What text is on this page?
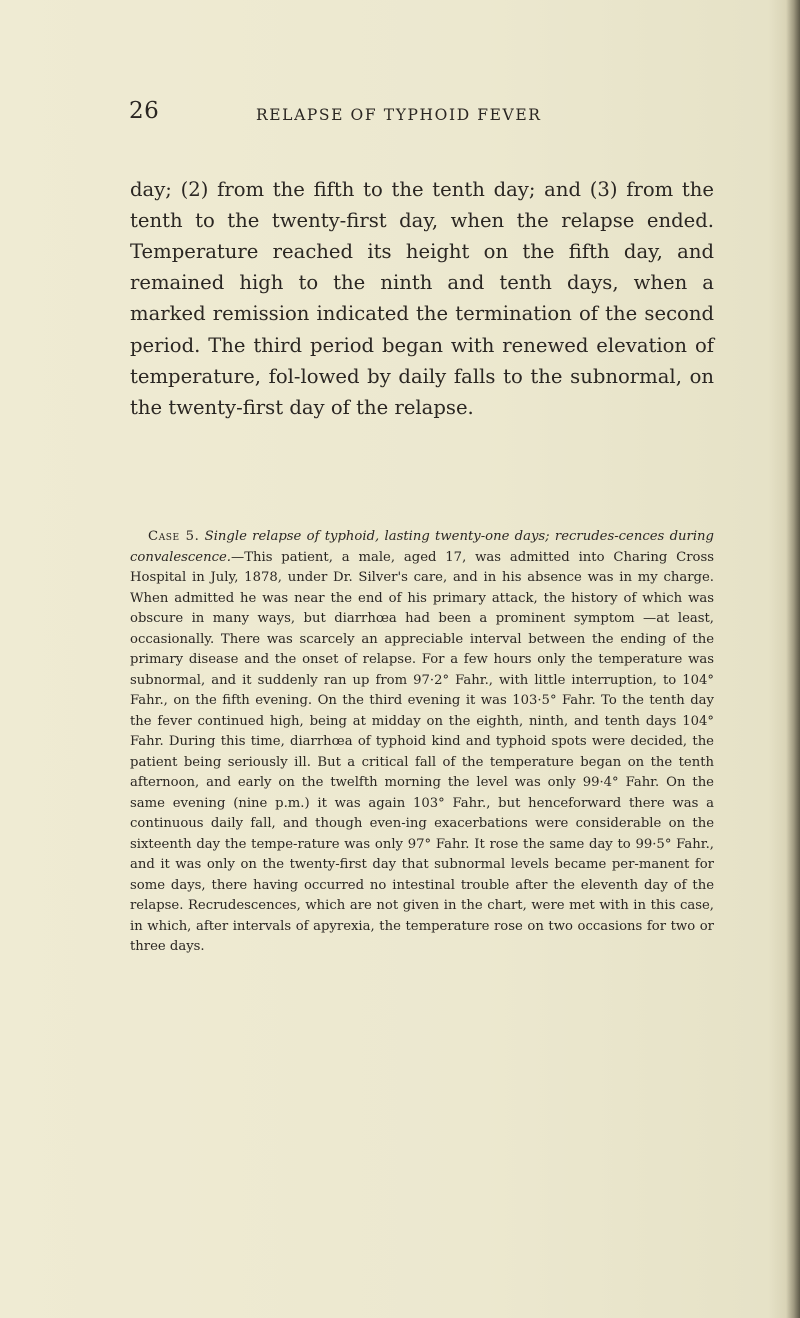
26	RELAPSE OF TYPHOID FEVER

day; (2) from the fifth to the tenth day; and (3) from the tenth to the twenty-first day, when the relapse ended. Temperature reached its height on the fifth day, and remained high to the ninth and tenth days, when a marked remission indicated the termination of the second period. The third period began with renewed elevation of temperature, fol-lowed by daily falls to the subnormal, on the twenty-first day of the relapse.

Case 5. Single relapse of typhoid, lasting twenty-one days; recrudes-cences during convalescence.—This patient, a male, aged 17, was admitted into Charing Cross Hospital in July, 1878, under Dr. Silver's care, and in his absence was in my charge. When admitted he was near the end of his primary attack, the history of which was obscure in many ways, but diarrhœa had been a prominent symptom —at least, occasionally. There was scarcely an appreciable interval between the ending of the primary disease and the onset of relapse. For a few hours only the temperature was subnormal, and it suddenly ran up from 97·2° Fahr., with little interruption, to 104° Fahr., on the fifth evening. On the third evening it was 103·5° Fahr. To the tenth day the fever continued high, being at midday on the eighth, ninth, and tenth days 104° Fahr. During this time, diarrhœa of typhoid kind and typhoid spots were decided, the patient being seriously ill. But a critical fall of the temperature began on the tenth afternoon, and early on the twelfth morning the level was only 99·4° Fahr. On the same evening (nine p.m.) it was again 103° Fahr., but henceforward there was a continuous daily fall, and though even-ing exacerbations were considerable on the sixteenth day the tempe-rature was only 97° Fahr. It rose the same day to 99·5° Fahr., and it was only on the twenty-first day that subnormal levels became per-manent for some days, there having occurred no intestinal trouble after the eleventh day of the relapse. Recrudescences, which are not given in the chart, were met with in this case, in which, after intervals of apyrexia, the temperature rose on two occasions for two or three days.
